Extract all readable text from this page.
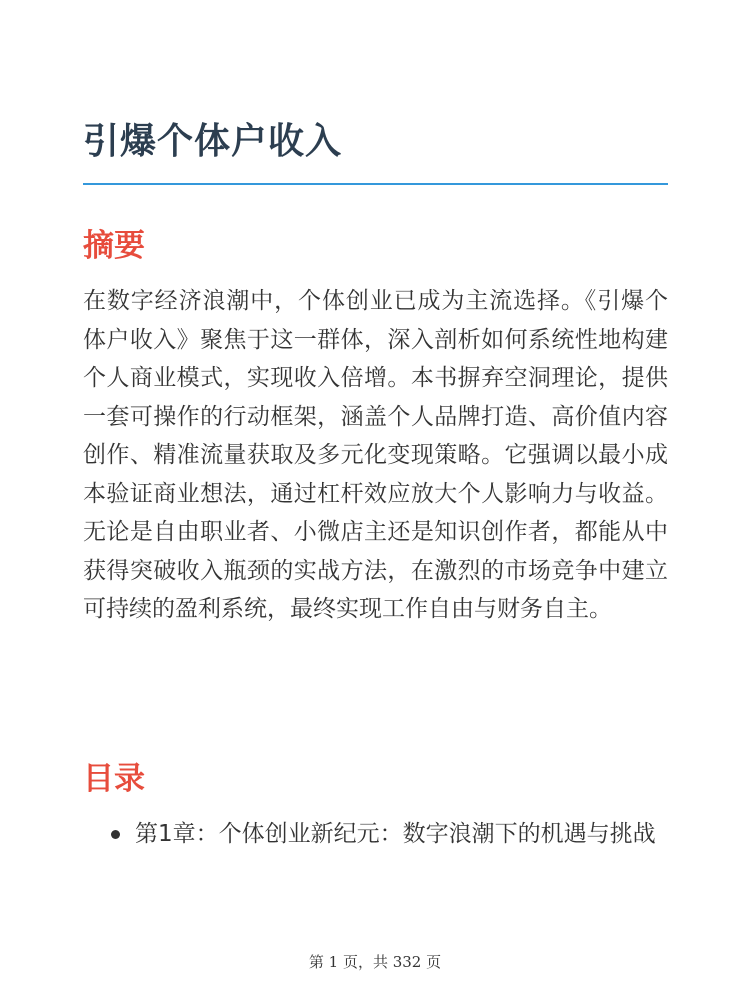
引爆个体户收入
摘要

在数字经济浪潮中，个体创业已成为主流选择。《引爆个体户收入》聚焦于这一群体，深入剖析如何系统性地构建个人商业模式，实现收入倍增。本书摒弃空洞理论，提供一套可操作的行动框架，涵盖个人品牌打造、高价值内容创作、精准流量获取及多元化变现策略。它强调以最小成本验证商业想法，通过杠杆效应放大个人影响力与收益。无论是自由职业者、小微店主还是知识创作者，都能从中获得突破收入瓶颈的实战方法，在激烈的市场竞争中建立可持续的盈利系统，最终实现工作自由与财务自主。

目录
第1章：个体创业新纪元：数字浪潮下的机遇与挑战
第 1 页，共 332 页
